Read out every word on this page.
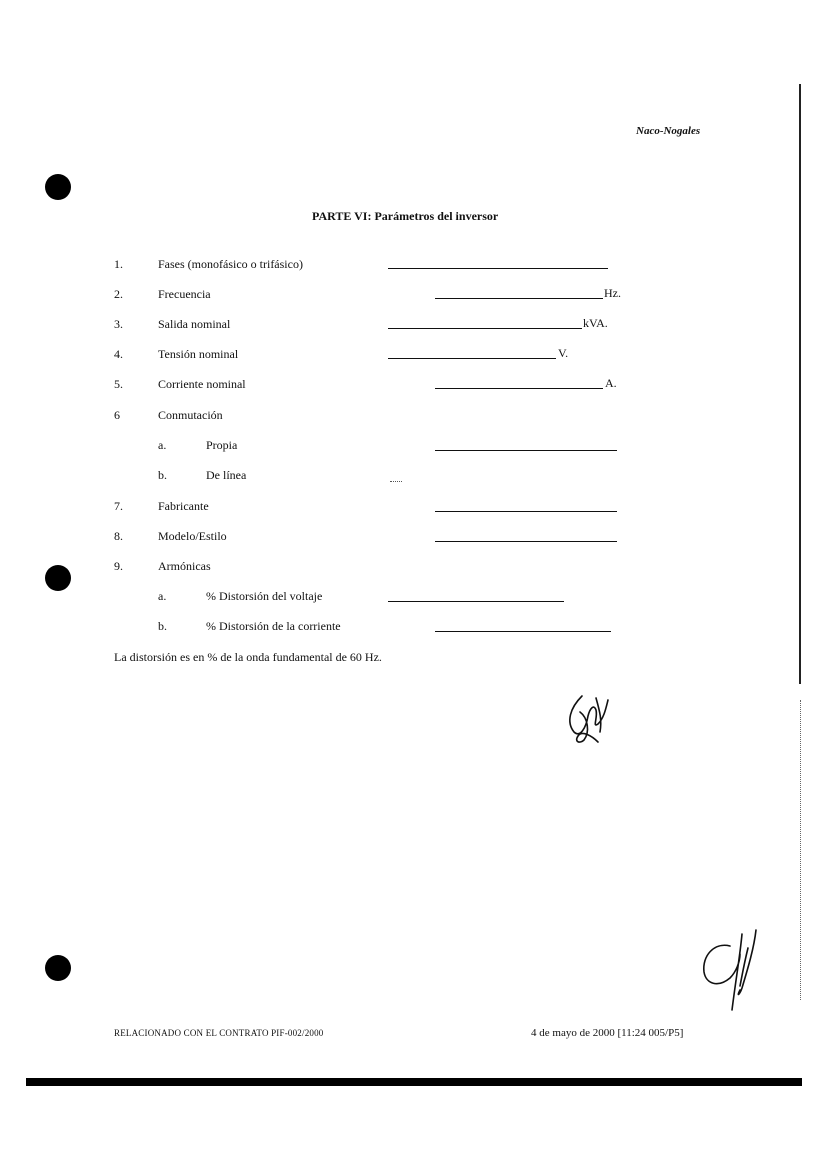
Naco-Nogales
PARTE VI: Parámetros del inversor
1.	Fases (monofásico o trifásico)
2.	Frecuencia	Hz.
3.	Salida nominal	kVA.
4.	Tensión nominal	V.
5.	Corriente nominal	A.
6	Conmutación
a.	Propia
b.	De línea
7.	Fabricante
8.	Modelo/Estilo
9.	Armónicas
a.	% Distorsión del voltaje
b.	% Distorsión de la corriente
La distorsión es en % de la onda fundamental de 60 Hz.
RELACIONADO CON EL CONTRATO PIF-002/2000	4 de mayo de 2000 [11:24 005/P5]
